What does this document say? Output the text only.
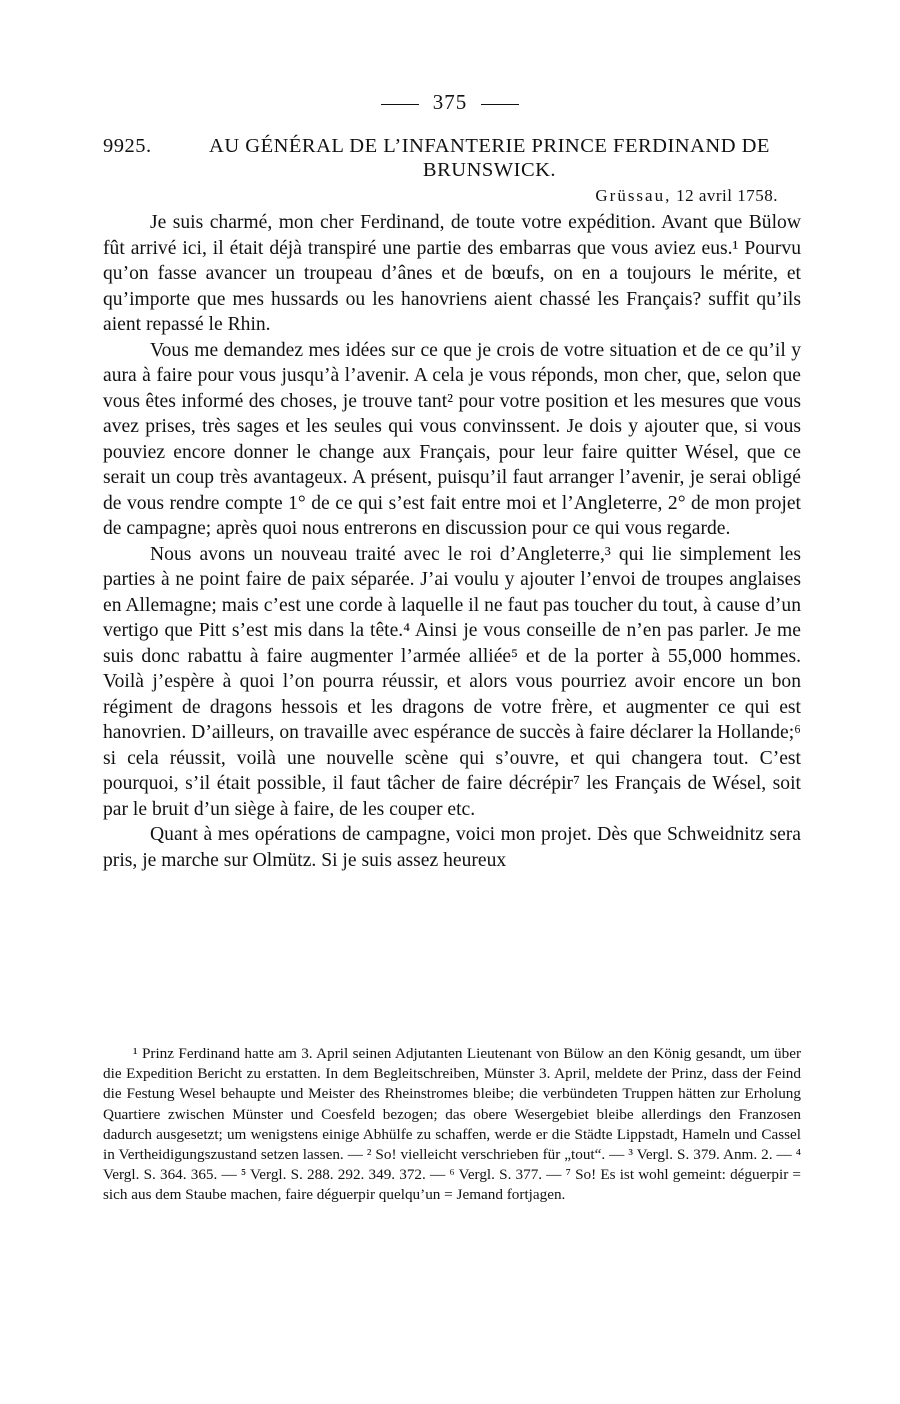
375
9925.	AU GÉNÉRAL DE L’INFANTERIE PRINCE FERDINAND DE BRUNSWICK.
Grüssau, 12 avril 1758.

Je suis charmé, mon cher Ferdinand, de toute votre expédition. Avant que Bülow fût arrivé ici, il était déjà transpiré une partie des embarras que vous aviez eus.¹ Pourvu qu’on fasse avancer un troupeau d’ânes et de bœufs, on en a toujours le mérite, et qu’importe que mes hussards ou les hanovriens aient chassé les Français? suffit qu’ils aient repassé le Rhin.

Vous me demandez mes idées sur ce que je crois de votre situation et de ce qu’il y aura à faire pour vous jusqu’à l’avenir. A cela je vous réponds, mon cher, que, selon que vous êtes informé des choses, je trouve tant² pour votre position et les mesures que vous avez prises, très sages et les seules qui vous convinssent. Je dois y ajouter que, si vous pouviez encore donner le change aux Français, pour leur faire quitter Wésel, que ce serait un coup très avantageux. A présent, puisqu’il faut arranger l’avenir, je serai obligé de vous rendre compte 1° de ce qui s’est fait entre moi et l’Angleterre, 2° de mon projet de campagne; après quoi nous entrerons en discussion pour ce qui vous regarde.

Nous avons un nouveau traité avec le roi d’Angleterre,³ qui lie simplement les parties à ne point faire de paix séparée. J’ai voulu y ajouter l’envoi de troupes anglaises en Allemagne; mais c’est une corde à laquelle il ne faut pas toucher du tout, à cause d’un vertigo que Pitt s’est mis dans la tête.⁴ Ainsi je vous conseille de n’en pas parler. Je me suis donc rabattu à faire augmenter l’armée alliée⁵ et de la porter à 55,000 hommes. Voilà j’espère à quoi l’on pourra réussir, et alors vous pourriez avoir encore un bon régiment de dragons hessois et les dragons de votre frère, et augmenter ce qui est hanovrien. D’ailleurs, on travaille avec espérance de succès à faire déclarer la Hollande;⁶ si cela réussit, voilà une nouvelle scène qui s’ouvre, et qui changera tout. C’est pourquoi, s’il était possible, il faut tâcher de faire décrépir⁷ les Français de Wésel, soit par le bruit d’un siège à faire, de les couper etc.

Quant à mes opérations de campagne, voici mon projet. Dès que Schweidnitz sera pris, je marche sur Olmütz. Si je suis assez heureux

¹ Prinz Ferdinand hatte am 3. April seinen Adjutanten Lieutenant von Bülow an den König gesandt, um über die Expedition Bericht zu erstatten. In dem Begleitschreiben, Münster 3. April, meldete der Prinz, dass der Feind die Festung Wesel behaupte und Meister des Rheinstromes bleibe; die verbündeten Truppen hätten zur Erholung Quartiere zwischen Münster und Coesfeld bezogen; das obere Wesergebiet bleibe allerdings den Franzosen dadurch ausgesetzt; um wenigstens einige Abhülfe zu schaffen, werde er die Städte Lippstadt, Hameln und Cassel in Vertheidigungszustand setzen lassen. — ² So! vielleicht verschrieben für „tout“. — ³ Vergl. S. 379. Anm. 2. — ⁴ Vergl. S. 364. 365. — ⁵ Vergl. S. 288. 292. 349. 372. — ⁶ Vergl. S. 377. — ⁷ So! Es ist wohl gemeint: déguerpir = sich aus dem Staube machen, faire déguerpir quelqu’un = Jemand fortjagen.
